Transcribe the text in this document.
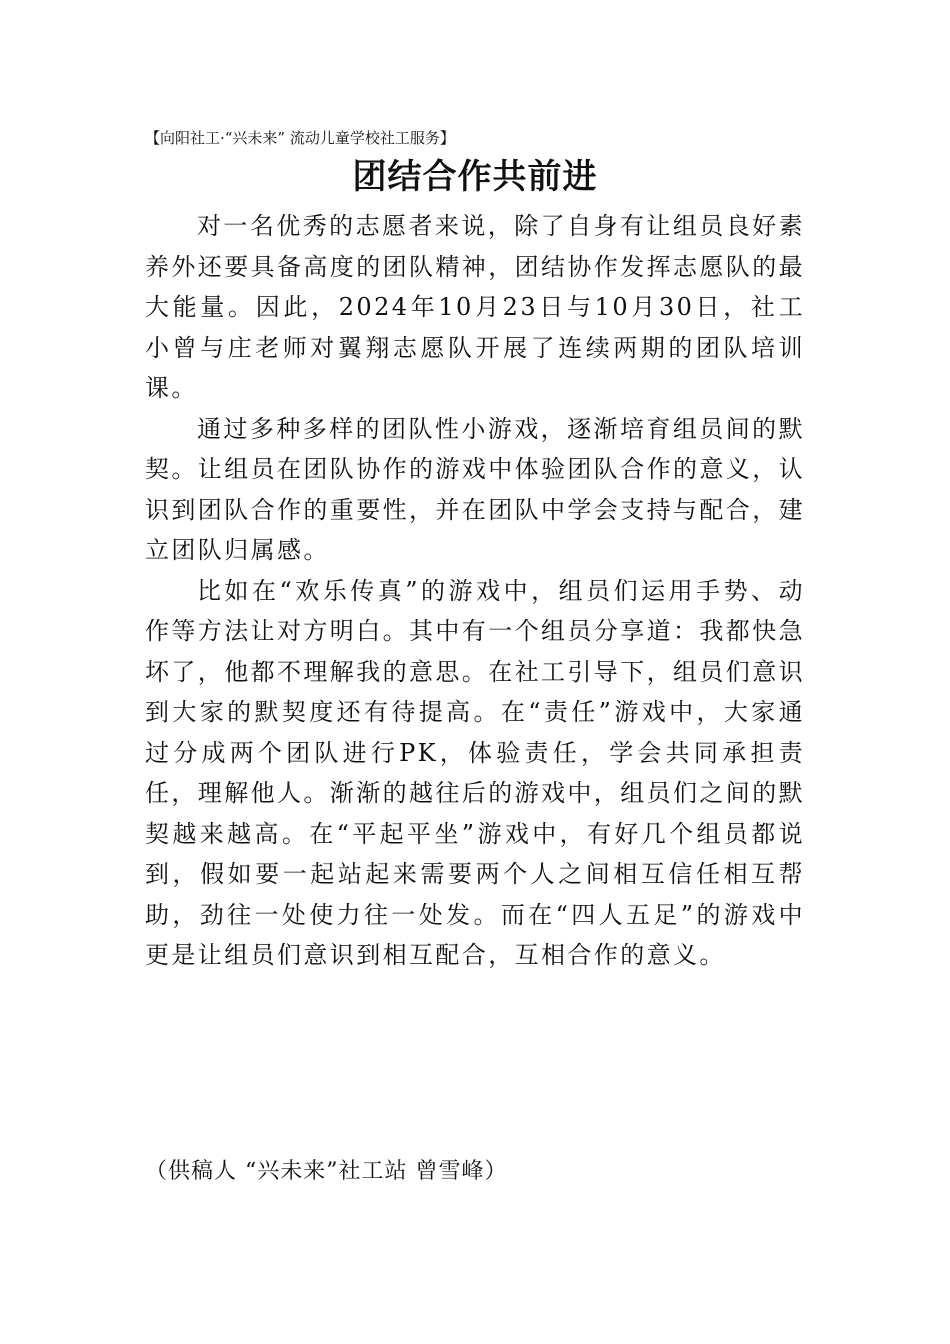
【向阳社工·“兴未来” 流动儿童学校社工服务】
团结合作共前进

对一名优秀的志愿者来说，除了自身有让组员良好素养外还要具备高度的团队精神，团结协作发挥志愿队的最大能量。因此，2024年10月23日与10月30日，社工小曾与庄老师对翼翔志愿队开展了连续两期的团队培训课。

通过多种多样的团队性小游戏，逐渐培育组员间的默契。让组员在团队协作的游戏中体验团队合作的意义，认识到团队合作的重要性，并在团队中学会支持与配合，建立团队归属感。

比如在“欢乐传真”的游戏中，组员们运用手势、动作等方法让对方明白。其中有一个组员分享道：我都快急坏了，他都不理解我的意思。在社工引导下，组员们意识到大家的默契度还有待提高。在“责任”游戏中，大家通过分成两个团队进行PK，体验责任，学会共同承担责任，理解他人。渐渐的越往后的游戏中，组员们之间的默契越来越高。在“平起平坐”游戏中，有好几个组员都说到，假如要一起站起来需要两个人之间相互信任相互帮助，劲往一处使力往一处发。而在“四人五足”的游戏中更是让组员们意识到相互配合，互相合作的意义。

（供稿人 “兴未来”社工站 曾雪峰）
